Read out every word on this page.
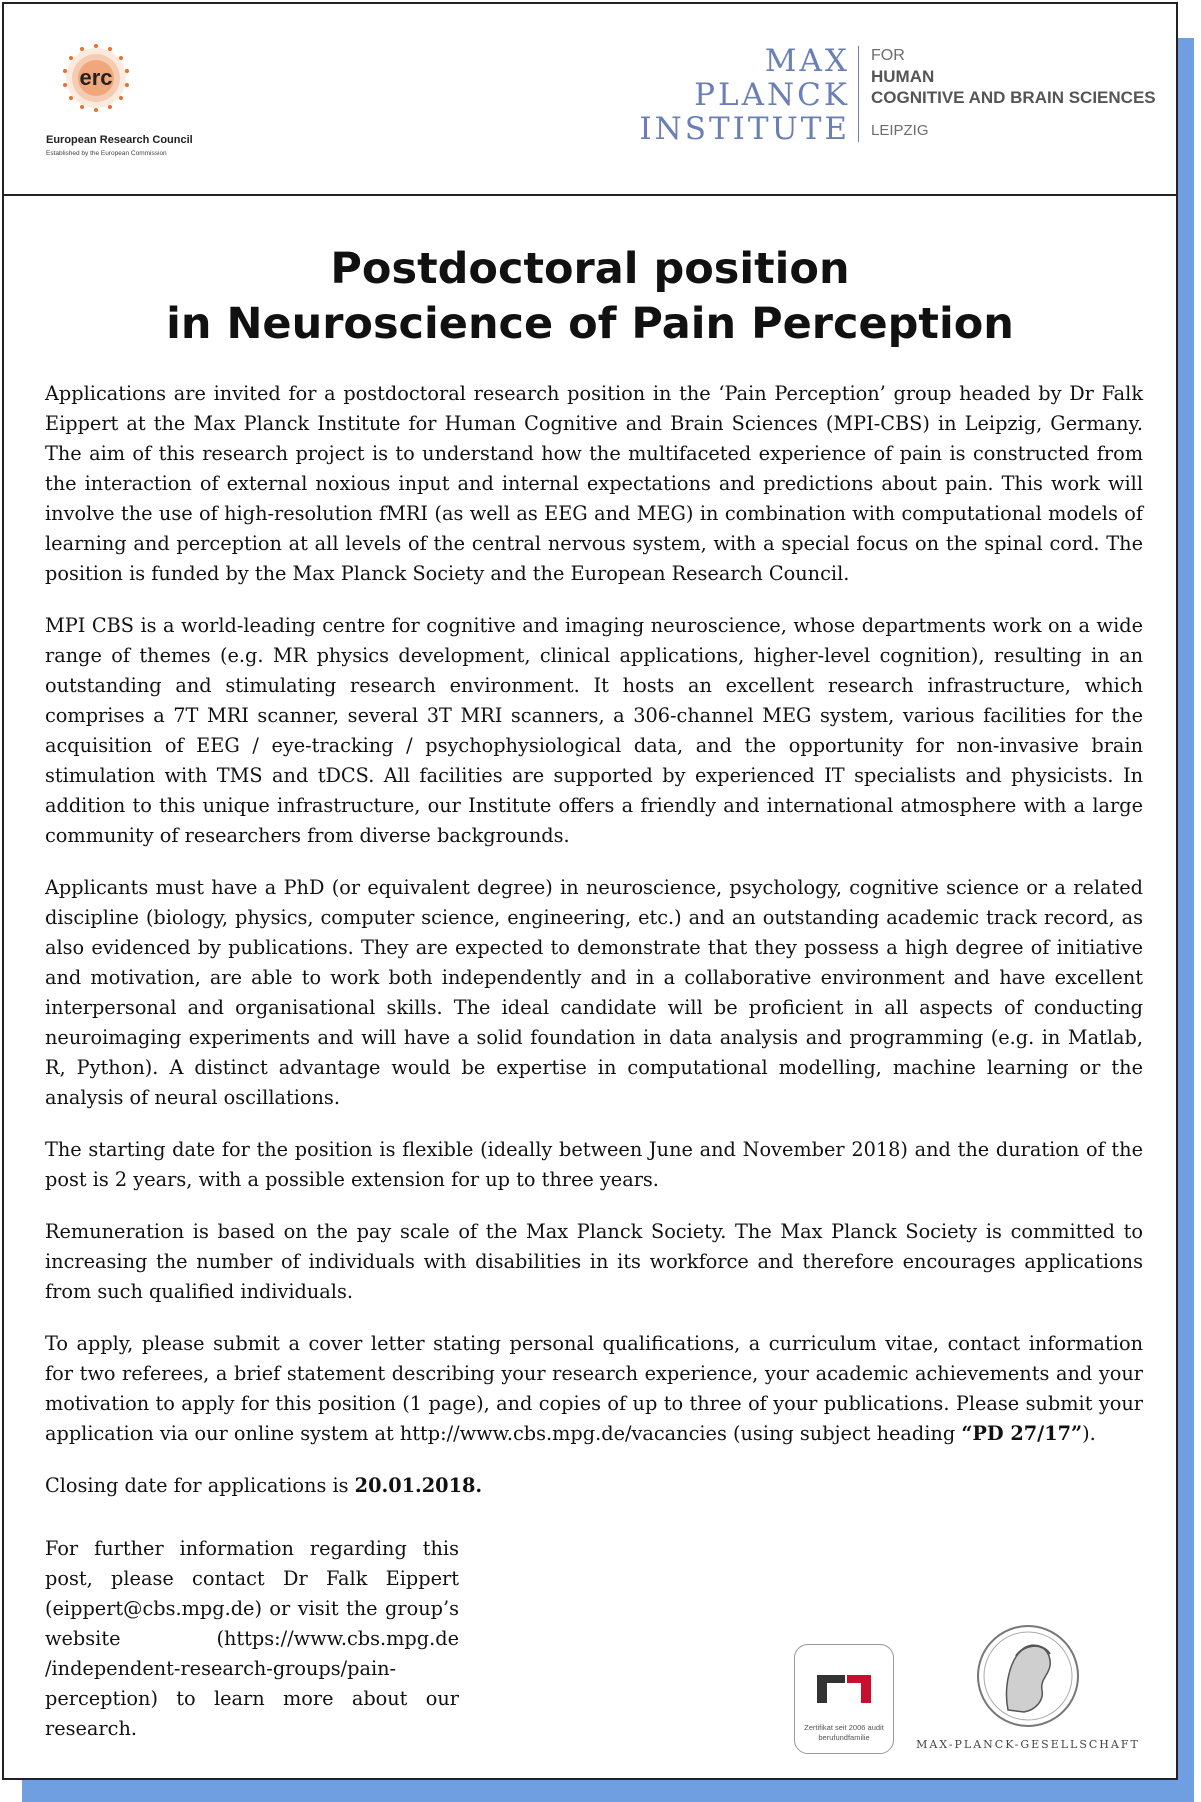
erc
European Research Council
Established by the European Commission
MAX
PLANCK
INSTITUTE
FOR
HUMAN
COGNITIVE AND BRAIN SCIENCES
LEIPZIG
Postdoctoral position
in Neuroscience of Pain Perception

Applications are invited for a postdoctoral research position in the ‘Pain Perception’ group headed by Dr Falk Eippert at the Max Planck Institute for Human Cognitive and Brain Sciences (MPI-CBS) in Leipzig, Germany. The aim of this research project is to understand how the multifaceted experience of pain is constructed from the interaction of external noxious input and internal expectations and predictions about pain. This work will involve the use of high-resolution fMRI (as well as EEG and MEG) in combination with computational models of learning and perception at all levels of the central nervous system, with a special focus on the spinal cord. The position is funded by the Max Planck Society and the European Research Council.

MPI CBS is a world-leading centre for cognitive and imaging neuroscience, whose departments work on a wide range of themes (e.g. MR physics development, clinical applications, higher-level cognition), resulting in an outstanding and stimulating research environment. It hosts an excellent research infrastructure, which comprises a 7T MRI scanner, several 3T MRI scanners, a 306-channel MEG system, various facilities for the acquisition of EEG / eye-tracking / psychophysiological data, and the opportunity for non-invasive brain stimulation with TMS and tDCS. All facilities are supported by experienced IT specialists and physicists. In addition to this unique infrastructure, our Institute offers a friendly and international atmosphere with a large community of researchers from diverse backgrounds.

Applicants must have a PhD (or equivalent degree) in neuroscience, psychology, cognitive science or a related discipline (biology, physics, computer science, engineering, etc.) and an outstanding academic track record, as also evidenced by publications. They are expected to demonstrate that they possess a high degree of initiative and motivation, are able to work both independently and in a collaborative environment and have excellent interpersonal and organisational skills. The ideal candidate will be proficient in all aspects of conducting neuroimaging experiments and will have a solid foundation in data analysis and programming (e.g. in Matlab, R, Python). A distinct advantage would be expertise in computational modelling, machine learning or the analysis of neural oscillations.

The starting date for the position is flexible (ideally between June and November 2018) and the duration of the post is 2 years, with a possible extension for up to three years.

Remuneration is based on the pay scale of the Max Planck Society. The Max Planck Society is committed to increasing the number of individuals with disabilities in its workforce and therefore encourages applications from such qualified individuals.

To apply, please submit a cover letter stating personal qualifications, a curriculum vitae, contact information for two referees, a brief statement describing your research experience, your academic achievements and your motivation to apply for this position (1 page), and copies of up to three of your publications. Please submit your application via our online system at http://www.cbs.mpg.de/vacancies (using subject heading “PD 27/17”).

Closing date for applications is 20.01.2018.
For further information regarding this post, please contact Dr Falk Eippert (eippert@cbs.mpg.de) or visit the group’s website (https://www.cbs.mpg.de /independent-research-groups/pain-perception) to learn more about our research.	Zertifikat seit 2006 audit berufundfamilie
MAX-PLANCK-GESELLSCHAFT
